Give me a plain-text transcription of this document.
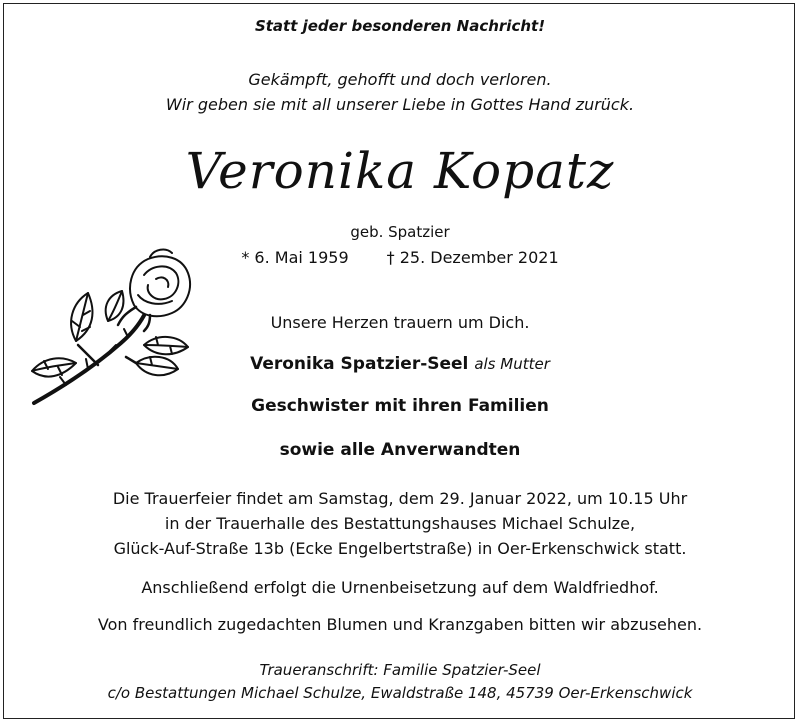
Statt jeder besonderen Nachricht!
Gekämpft, gehofft und doch verloren.
Wir geben sie mit all unserer Liebe in Gottes Hand zurück.
Veronika Kopatz
geb. Spatzier
* 6. Mai 1959 † 25. Dezember 2021
Unsere Herzen trauern um Dich.
Veronika Spatzier-Seel als Mutter
Geschwister mit ihren Familien
sowie alle Anverwandten
Die Trauerfeier findet am Samstag, dem 29. Januar 2022, um 10.15 Uhr
in der Trauerhalle des Bestattungshauses Michael Schulze,
Glück-Auf-Straße 13b (Ecke Engelbertstraße) in Oer-Erkenschwick statt.
Anschließend erfolgt die Urnenbeisetzung auf dem Waldfriedhof.
Von freundlich zugedachten Blumen und Kranzgaben bitten wir abzusehen.
Traueranschrift: Familie Spatzier-Seel
c/o Bestattungen Michael Schulze, Ewaldstraße 148, 45739 Oer-Erkenschwick
